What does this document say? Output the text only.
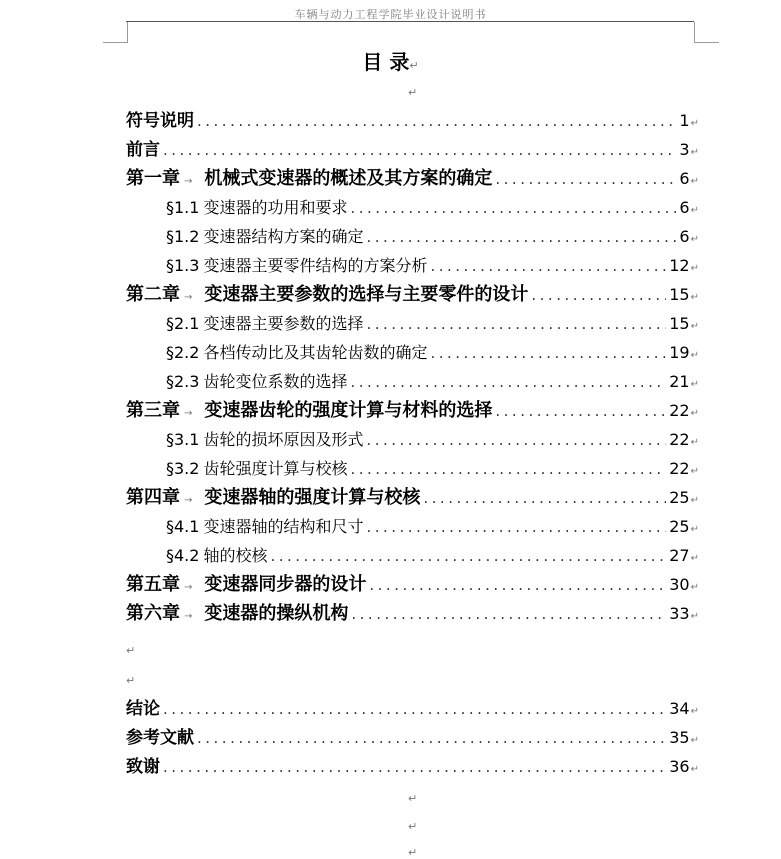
车辆与动力工程学院毕业设计说明书
目 录↵
↵
符号说明 .....	1 ↵
前言 .....	3 ↵
第一章 → 机械式变速器的概述及其方案的确定 .....	6 ↵
§1.1 变速器的功用和要求 .....	6 ↵
§1.2 变速器结构方案的确定 .....	6 ↵
§1.3 变速器主要零件结构的方案分析 .....	12 ↵
第二章 → 变速器主要参数的选择与主要零件的设计 .....	15 ↵
§2.1 变速器主要参数的选择 .....	15 ↵
§2.2 各档传动比及其齿轮齿数的确定 .....	19 ↵
§2.3 齿轮变位系数的选择 .....	21 ↵
第三章 → 变速器齿轮的强度计算与材料的选择 .....	22 ↵
§3.1 齿轮的损坏原因及形式 .....	22 ↵
§3.2 齿轮强度计算与校核 .....	22 ↵
第四章 → 变速器轴的强度计算与校核 .....	25 ↵
§4.1 变速器轴的结构和尺寸 .....	25 ↵
§4.2 轴的校核 .....	27 ↵
第五章 → 变速器同步器的设计 .....	30 ↵
第六章 → 变速器的操纵机构 .....	33 ↵
↵
↵
结论 .....	34 ↵
参考文献 .....	35 ↵
致谢 .....	36 ↵
↵
↵
↵
